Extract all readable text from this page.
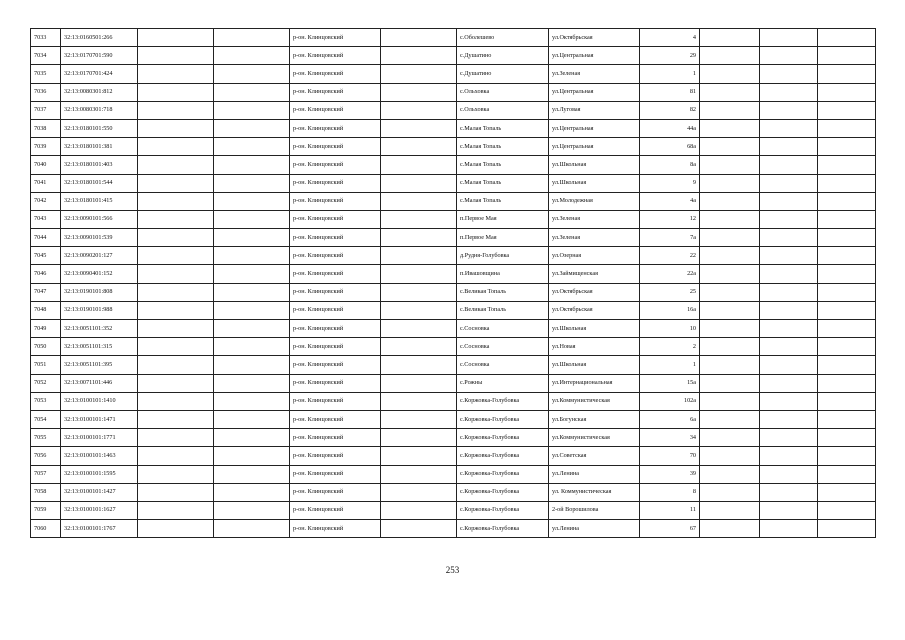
7033	32:13:0160501:266			р-он. Клинцовский		с.Оболешево	ул.Октябрьская	4			
7034	32:13:0170701:590			р-он. Клинцовский		с.Душатино	ул.Центральная	29			
7035	32:13:0170701:424			р-он. Клинцовский		с.Душатино	ул.Зеленая	1			
7036	32:13:0080301:812			р-он. Клинцовский		с.Ольховка	ул.Центральная	81			
7037	32:13:0080301:718			р-он. Клинцовский		с.Ольховка	ул.Луговая	82			
7038	32:13:0180101:550			р-он. Клинцовский		с.Малая Топаль	ул.Центральная	44а			
7039	32:13:0180101:381			р-он. Клинцовский		с.Малая Топаль	ул.Центральная	68а			
7040	32:13:0180101:403			р-он. Клинцовский		с.Малая Топаль	ул.Школьная	8а			
7041	32:13:0180101:544			р-он. Клинцовский		с.Малая Топаль	ул.Школьная	9			
7042	32:13:0180101:415			р-он. Клинцовский		с.Малая Топаль	ул.Молодежная	4а			
7043	32:13:0090101:566			р-он. Клинцовский		п.Первое Мая	ул.Зеленая	12			
7044	32:13:0090101:539			р-он. Клинцовский		п.Первое Мая	ул.Зеленая	7а			
7045	32:13:0090201:127			р-он. Клинцовский		д.Рудня-Голубовка	ул.Озерная	22			
7046	32:13:0090401:152			р-он. Клинцовский		п.Ивашовщина	ул.Займищенская	22а			
7047	32:13:0190101:808			р-он. Клинцовский		с.Великая Топаль	ул.Октябрьская	25			
7048	32:13:0190101:988			р-он. Клинцовский		с.Великая Топаль	ул.Октябрьская	16а			
7049	32:13:0051101:352			р-он. Клинцовский		с.Сосновка	ул.Школьная	10			
7050	32:13:0051101:315			р-он. Клинцовский		с.Сосновка	ул.Новая	2			
7051	32:13:0051101:395			р-он. Клинцовский		с.Сосновка	ул.Школьная	1			
7052	32:13:0071101:446			р-он. Клинцовский		с.Рожны	ул.Интернациональная	15а			
7053	32:13:0100101:1410			р-он. Клинцовский		с.Коржовка-Голубовка	ул.Коммунистическая	102а			
7054	32:13:0100101:1471			р-он. Клинцовский		с.Коржовка-Голубовка	ул.Богунская	6а			
7055	32:13:0100101:1771			р-он. Клинцовский		с.Коржовка-Голубовка	ул.Коммунистическая	34			
7056	32:13:0100101:1463			р-он. Клинцовский		с.Коржовка-Голубовка	ул.Советская	70			
7057	32:13:0100101:1595			р-он. Клинцовский		с.Коржовка-Голубовка	ул.Ленина	39			
7058	32:13:0100101:1427			р-он. Клинцовский		с.Коржовка-Голубовка	ул. Коммунистическая	8			
7059	32:13:0100101:1627			р-он. Клинцовский		с.Коржовка-Голубовка	2-ой Ворошилова	11			
7060	32:13:0100101:1767			р-он. Клинцовский		с.Коржовка-Голубовка	ул.Ленина	67			
253
